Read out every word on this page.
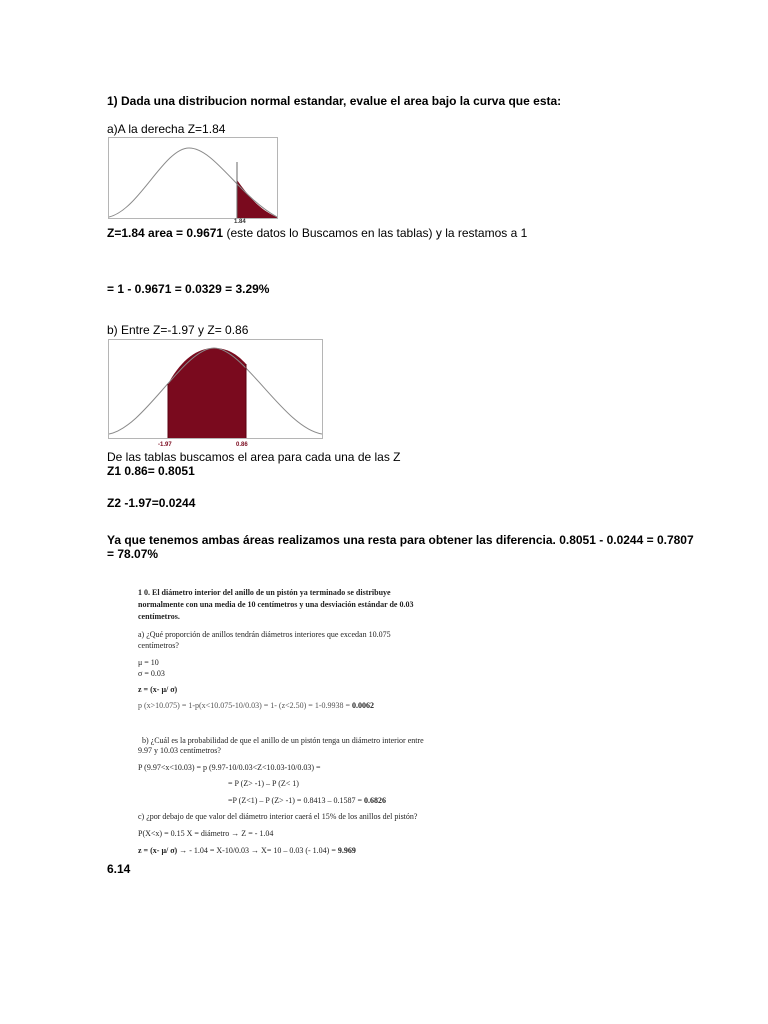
1) Dada una distribucion normal estandar, evalue el area bajo la curva que esta:
a)A la derecha Z=1.84
1.84
Z=1.84 area = 0.9671 (este datos lo Buscamos en las tablas) y la restamos a 1
= 1 - 0.9671 = 0.0329 = 3.29%
b) Entre Z=-1.97 y Z= 0.86
-1.97	0.86
De las tablas buscamos el area para cada una de las Z
Z1 0.86= 0.8051
Z2 -1.97=0.0244
Ya que tenemos ambas áreas realizamos una resta para obtener las diferencia. 0.8051 - 0.0244 = 0.7807
= 78.07%
1 0. El diámetro interior del anillo de un pistón ya terminado se distribuye
normalmente con una media de 10 centímetros y una desviación estándar de 0.03
centímetros.
a) ¿Qué proporción de anillos tendrán diámetros interiores que excedan 10.075
centímetros?
μ = 10
σ = 0.03
z = (x- μ/ σ)
p (x>10.075) = 1-p(x<10.075-10/0.03) = 1- (z<2.50) = 1-0.9938 = 0.0062
b) ¿Cuál es la probabilidad de que el anillo de un pistón tenga un diámetro interior entre
9.97 y 10.03 centímetros?
P (9.97<x<10.03) = p (9.97-10/0.03<Z<10.03-10/0.03) =
= P (Z> -1) – P (Z< 1)
=P (Z<1) – P (Z> -1) = 0.8413 – 0.1587 = 0.6826
c) ¿por debajo de que valor del diámetro interior caerá el 15% de los anillos del pistón?
P(X<x) = 0.15 X = diámetro → Z = - 1.04
z = (x- μ/ σ) → - 1.04 = X-10/0.03 → X= 10 – 0.03 (- 1.04) = 9.969
6.14
